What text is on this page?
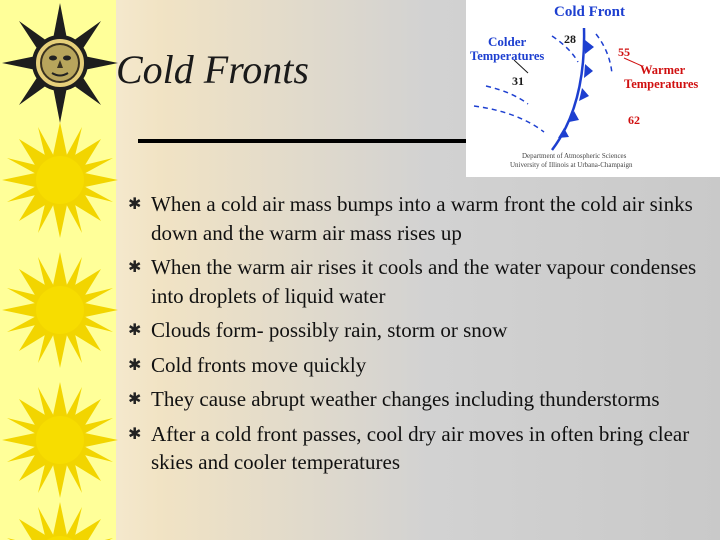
Cold Fronts
Cold Front
Colder
Temperatures
28
31
55
62
Warmer
Temperatures
Department of Atmospheric Sciences
University of Illinois at Urbana-Champaign
✱ When a cold air mass bumps into a warm front the cold air sinks down and the warm air mass rises up
✱ When the warm air rises it cools and the water vapour condenses into droplets of liquid water
✱ Clouds form- possibly rain, storm or snow
✱ Cold fronts move quickly
✱ They cause abrupt weather changes including thunderstorms
✱ After a cold front passes, cool dry air moves in often bring clear skies and cooler temperatures
